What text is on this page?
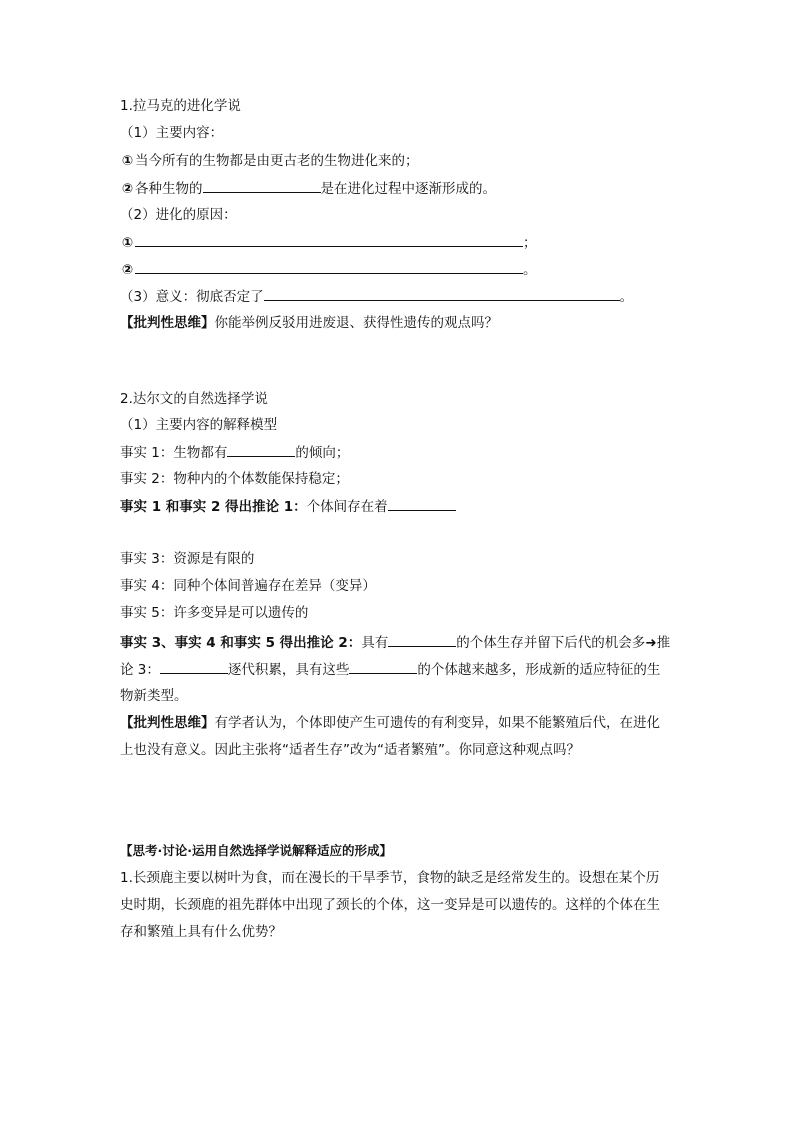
1.拉马克的进化学说
（1）主要内容：
① 当今所有的生物都是由更古老的生物进化来的；
② 各种生物的	是在进化过程中逐渐形成的。
（2）进化的原因：
①	；
②	。
（3）意义：彻底否定了	。
【批判性思维】你能举例反驳用进废退、获得性遗传的观点吗？
2.达尔文的自然选择学说
（1）主要内容的解释模型
事实 1：生物都有	的倾向；
事实 2：物种内的个体数能保持稳定；
事实 1 和事实 2 得出推论 1：个体间存在着
事实 3：资源是有限的
事实 4：同种个体间普遍存在差异（变异）
事实 5：许多变异是可以遗传的
事实 3、事实 4 和事实 5 得出推论 2：具有	的个体生存并留下后代的机会多➜推
论 3：	逐代积累，具有这些	的个体越来越多，形成新的适应特征的生
物新类型。
【批判性思维】有学者认为，个体即使产生可遗传的有利变异，如果不能繁殖后代，在进化
上也没有意义。因此主张将“适者生存”改为“适者繁殖”。你同意这种观点吗？
【思考·讨论·运用自然选择学说解释适应的形成】
1.长颈鹿主要以树叶为食，而在漫长的干旱季节，食物的缺乏是经常发生的。设想在某个历
史时期，长颈鹿的祖先群体中出现了颈长的个体，这一变异是可以遗传的。这样的个体在生
存和繁殖上具有什么优势？
